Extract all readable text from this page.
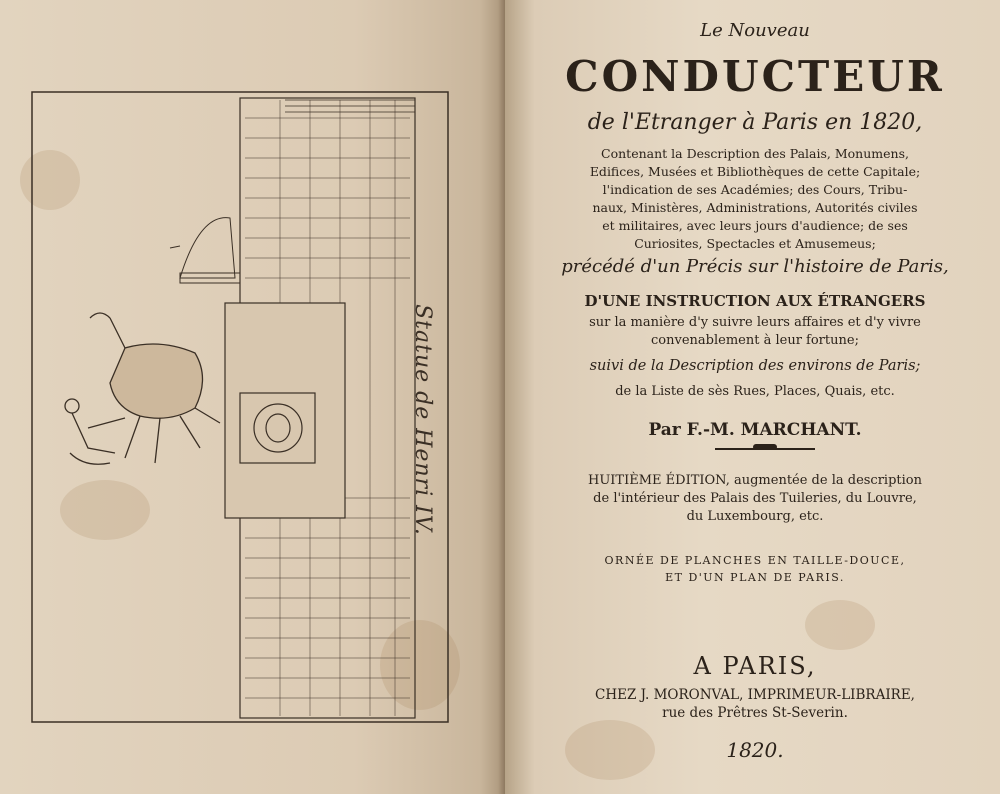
Statue de Henri IV.
Le Nouveau
CONDUCTEUR
de l'Etranger à Paris en 1820,
Contenant la Description des Palais, Monumens,
Edifices, Musées et Bibliothèques de cette Capitale;
l'indication de ses Académies; des Cours, Tribu-
naux, Ministères, Administrations, Autorités civiles
et militaires, avec leurs jours d'audience; de ses
Curiosites, Spectacles et Amusemeus;
précédé d'un Précis sur l'histoire de Paris,
D'UNE INSTRUCTION AUX ÉTRANGERS
sur la manière d'y suivre leurs affaires et d'y vivre
convenablement à leur fortune;
suivi de la Description des environs de Paris;
de la Liste de sès Rues, Places, Quais, etc.
Par F.-M. MARCHANT.
HUITIÈME ÉDITION, augmentée de la description
de l'intérieur des Palais des Tuileries, du Louvre,
du Luxembourg, etc.
ORNÉE DE PLANCHES EN TAILLE-DOUCE,
ET D'UN PLAN DE PARIS.
A PARIS,
CHEZ J. MORONVAL, IMPRIMEUR-LIBRAIRE,
rue des Prêtres St-Severin.
1820.
